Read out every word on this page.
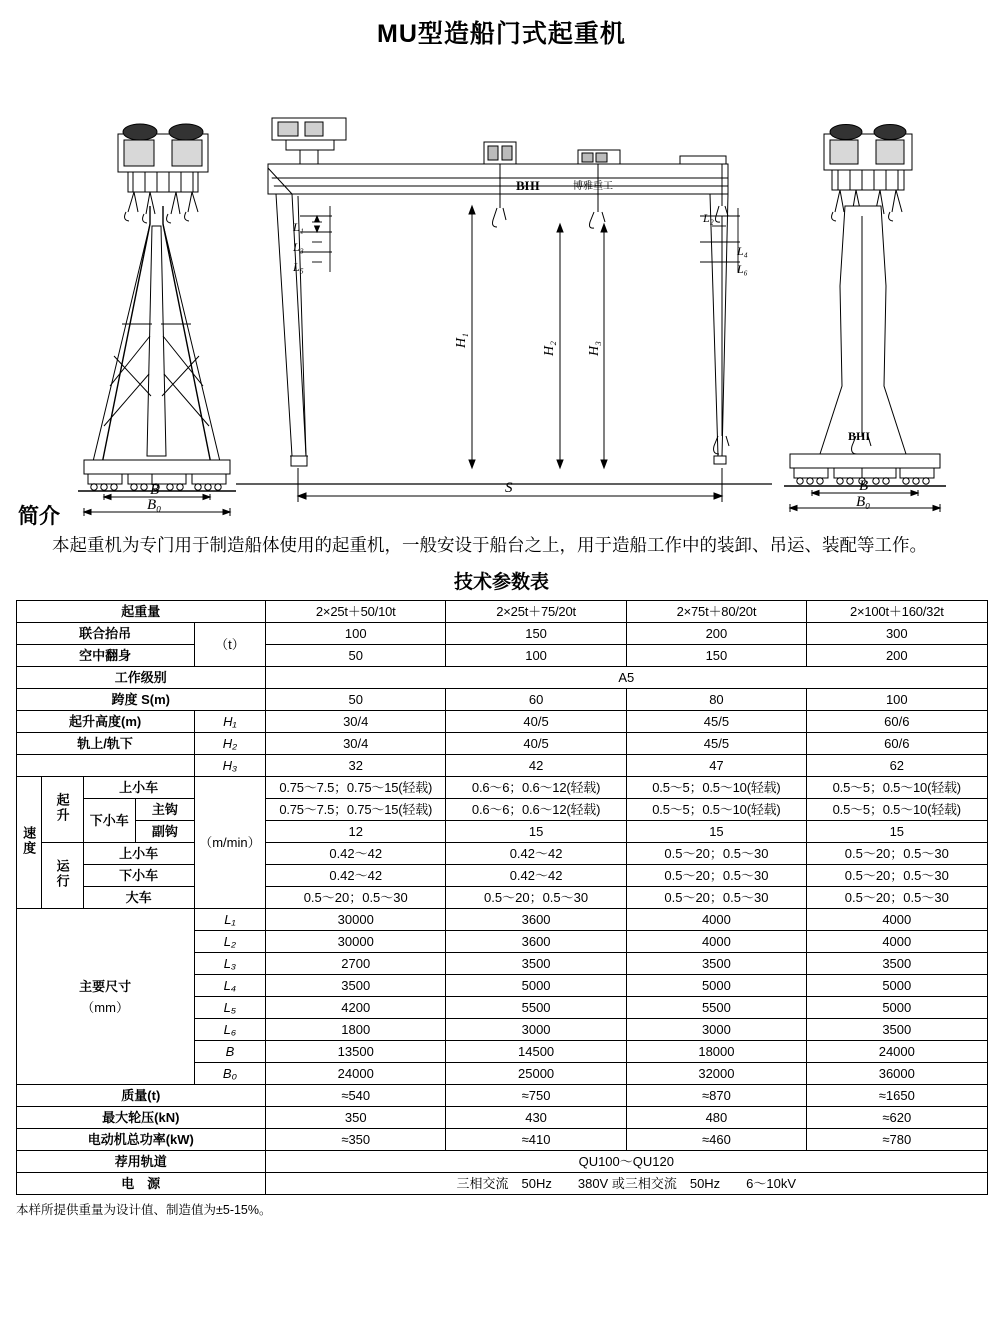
MU型造船门式起重机
BHI	博雅重工
BHI
L₁
L₃
L₅
L₂
L₄
L₆
H₁
H₂ H₃
S
B
B₀
B
B₀
简介

本起重机为专门用于制造船体使用的起重机，一般安设于船台之上，用于造船工作中的装卸、吊运、装配等工作。

技术参数表
起重量					2×25t＋50/10t	2×25t＋75/20t	2×75t＋80/20t	2×100t＋160/32t
联合抬吊				（t）	100	150	200	300
空中翻身					50	100	150	200
工作级别					A5			
跨度 S(m)					50	60	80	100
起升高度(m)				H₁	30/4	40/5	45/5	60/6
轨上/轨下				H₂	30/4	40/5	45/5	60/6
				H₃	32	42	47	62
速度	起升	上小车		（m/min）	0.75～7.5；0.75～15(轻载)	0.6～6；0.6～12(轻载)	0.5～5；0.5～10(轻载)	0.5～5；0.5～10(轻载)
		下小车	主钩		0.75～7.5；0.75～15(轻载)	0.6～6；0.6～12(轻载)	0.5～5；0.5～10(轻载)	0.5～5；0.5～10(轻载)
			副钩		12	15	15	15
	运行	上小车			0.42～42	0.42～42	0.5～20；0.5～30	0.5～20；0.5～30
		下小车			0.42～42	0.42～42	0.5～20；0.5～30	0.5～20；0.5～30
		大车			0.5～20；0.5～30	0.5～20；0.5～30	0.5～20；0.5～30	0.5～20；0.5～30

主要尺寸
（mm）				L₁	30000	3600	4000	4000
				L₂	30000	3600	4000	4000
				L₃	2700	3500	3500	3500
				L₄	3500	5000	5000	5000
				L₅	4200	5500	5500	5000
				L₆	1800	3000	3000	3500
				B	13500	14500	18000	24000
				B₀	24000	25000	32000	36000
质量(t)					≈540	≈750	≈870	≈1650
最大轮压(kN)					350	430	480	≈620
电动机总功率(kW)					≈350	≈410	≈460	≈780
荐用轨道					QU100～QU120			
电　源					三相交流　50Hz　　380V 或三相交流　50Hz　　6～10kV			
本样所提供重量为设计值、制造值为±5-15%。
